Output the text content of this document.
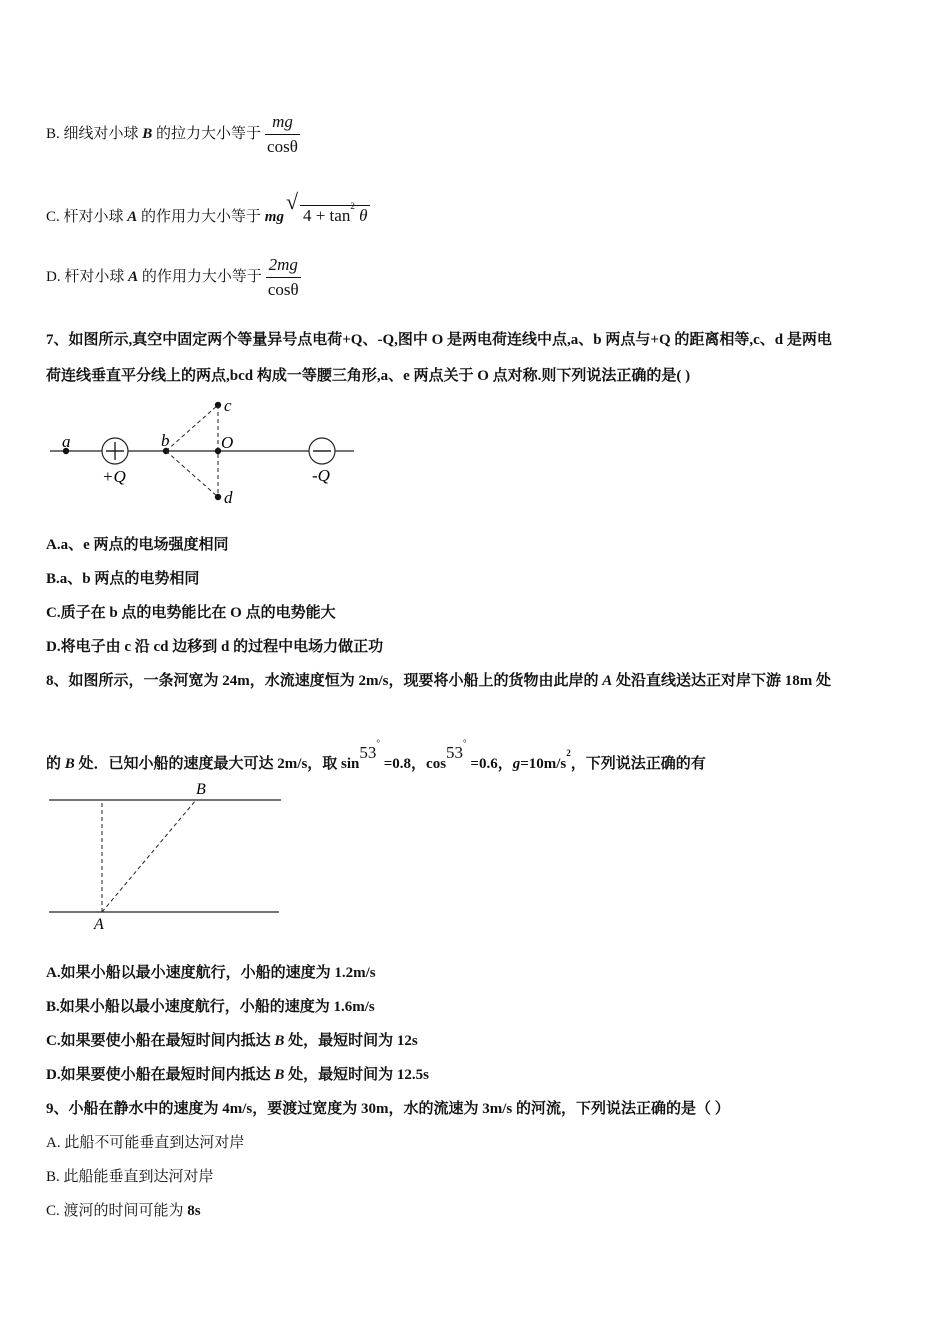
B. 细线对小球 B 的拉力大小等于 $\frac{mg}{\cos\theta}$
C. 杆对小球 A 的作用力大小等于 mg
√
$4 + \tan^2 \theta$
D. 杆对小球 A 的作用力大小等于 $\frac{2mg}{\cos\theta}$
7、如图所示,真空中固定两个等量异号点电荷+Q、-Q,图中 O 是两电荷连线中点,a、b 两点与+Q 的距离相等,c、d 是两电
荷连线垂直平分线上的两点,bcd 构成一等腰三角形,a、e 两点关于 O 点对称.则下列说法正确的是( )
a	b	O
c
d
+Q	-Q
A.a、e 两点的电场强度相同
B.a、b 两点的电势相同
C.质子在 b 点的电势能比在 O 点的电势能大
D.将电子由 c 沿 cd 边移到 d 的过程中电场力做正功
8、如图所示，一条河宽为 24m，水流速度恒为 2m/s，现要将小船上的货物由此岸的 A 处沿直线送达正对岸下游 18m 处
的 B 处．已知小船的速度最大可达 2m/s，取 sin53° =0.8，cos53° =0.6，$g=10m/s^2$，下列说法正确的有
B
A
A.如果小船以最小速度航行，小船的速度为 1.2m/s
B.如果小船以最小速度航行，小船的速度为 1.6m/s
C.如果要使小船在最短时间内抵达 B 处，最短时间为 12s
D.如果要使小船在最短时间内抵达 B 处，最短时间为 12.5s
9、小船在静水中的速度为 4m/s，要渡过宽度为 30m，水的流速为 3m/s 的河流，下列说法正确的是（ ）
A. 此船不可能垂直到达河对岸
B. 此船能垂直到达河对岸
C. 渡河的时间可能为 8s
